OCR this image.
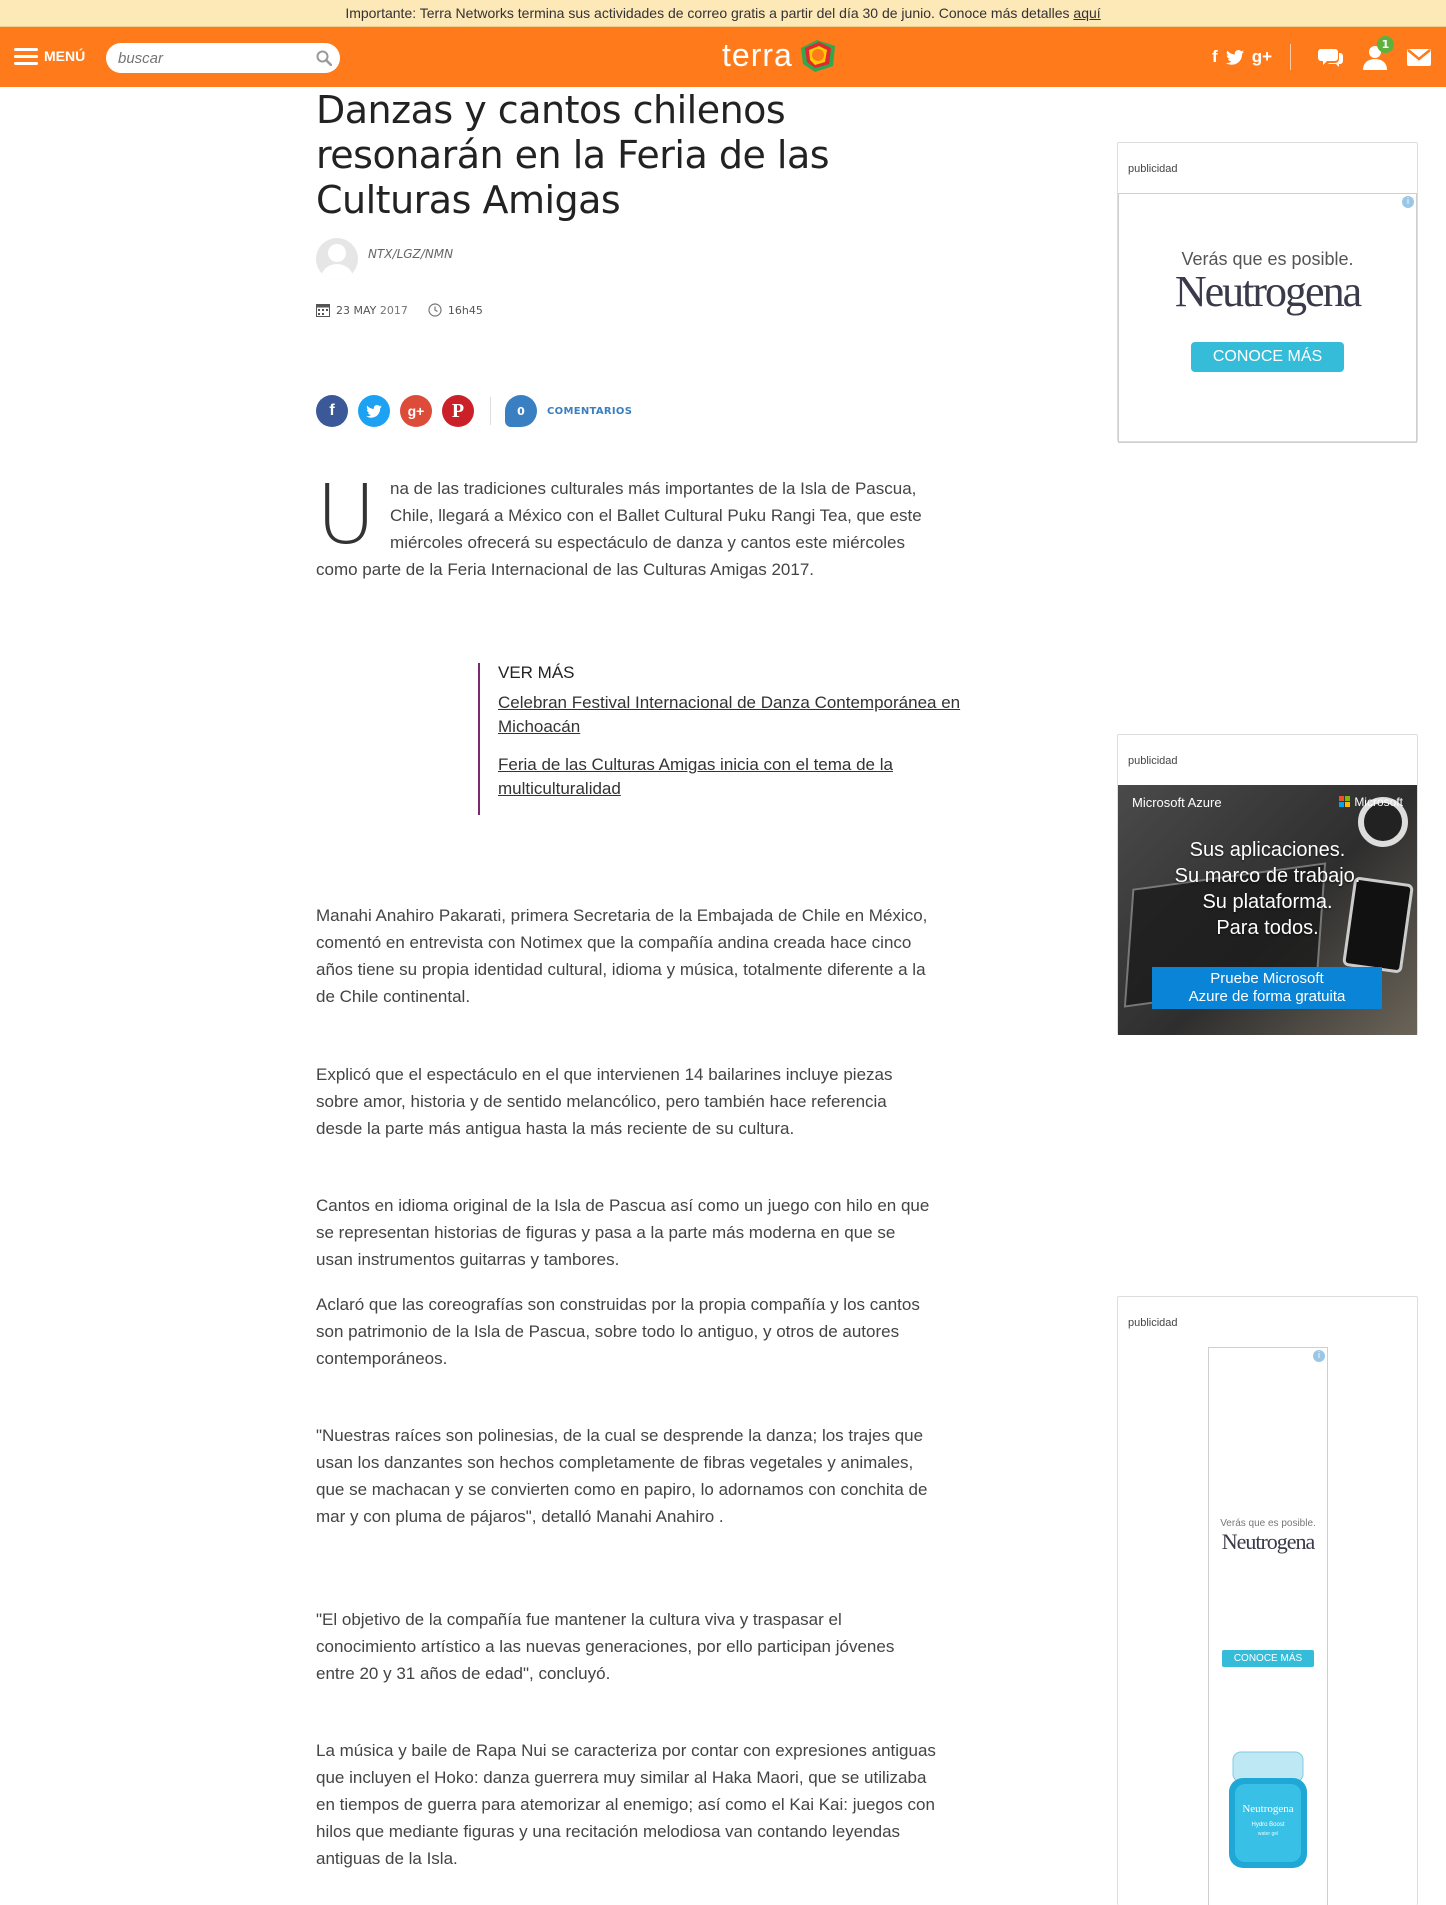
Importante: Terra Networks termina sus actividades de correo gratis a partir del día 30 de junio. Conoce más detalles aquí
MENÚ
buscar	terra	f g+
1
Danzas y cantos chilenos resonarán en la Feria de las Culturas Amigas
NTX/LGZ/NMN
23 MAY
2017	16h45
f	g+ P	0 COMENTARIOS
Una de las tradiciones culturales más importantes de la Isla de Pascua, Chile, llegará a México con el Ballet Cultural Puku Rangi Tea, que este miércoles ofrecerá su espectáculo de danza y cantos este miércoles como parte de la Feria Internacional de las Culturas Amigas 2017.
VER MÁS
Celebran Festival Internacional de Danza Contemporánea en Michoacán
Feria de las Culturas Amigas inicia con el tema de la multiculturalidad

Manahi Anahiro Pakarati, primera Secretaria de la Embajada de Chile en México, comentó en entrevista con Notimex que la compañía andina creada hace cinco años tiene su propia identidad cultural, idioma y música, totalmente diferente a la de Chile continental.

Explicó que el espectáculo en el que intervienen 14 bailarines incluye piezas sobre amor, historia y de sentido melancólico, pero también hace referencia desde la parte más antigua hasta la más reciente de su cultura.

Cantos en idioma original de la Isla de Pascua así como un juego con hilo en que se representan historias de figuras y pasa a la parte más moderna en que se usan instrumentos guitarras y tambores.

Aclaró que las coreografías son construidas por la propia compañía y los cantos son patrimonio de la Isla de Pascua, sobre todo lo antiguo, y otros de autores contemporáneos.

"Nuestras raíces son polinesias, de la cual se desprende la danza; los trajes que usan los danzantes son hechos completamente de fibras vegetales y animales, que se machacan y se convierten como en papiro, lo adornamos con conchita de mar y con pluma de pájaros", detalló Manahi Anahiro .

"El objetivo de la compañía fue mantener la cultura viva y traspasar el conocimiento artístico a las nuevas generaciones, por ello participan jóvenes entre 20 y 31 años de edad", concluyó.

La música y baile de Rapa Nui se caracteriza por contar con expresiones antiguas que incluyen el Hoko: danza guerrera muy similar al Haka Maori, que se utilizaba en tiempos de guerra para atemorizar al enemigo; así como el Kai Kai: juegos con hilos que mediante figuras y una recitación melodiosa van contando leyendas antiguas de la Isla.

publicidad
i
Verás que es posible.
Neutrogena
CONOCE MÁS
publicidad
Microsoft Azure	Microsoft
Sus aplicaciones.
Su marco de trabajo.
Su plataforma.
Para todos.
Pruebe Microsoft
Azure de forma gratuita
publicidad
i
Verás que es posible.
Neutrogena
CONOCE MÁS
Neutrogena
Hydro Boost
water gel
